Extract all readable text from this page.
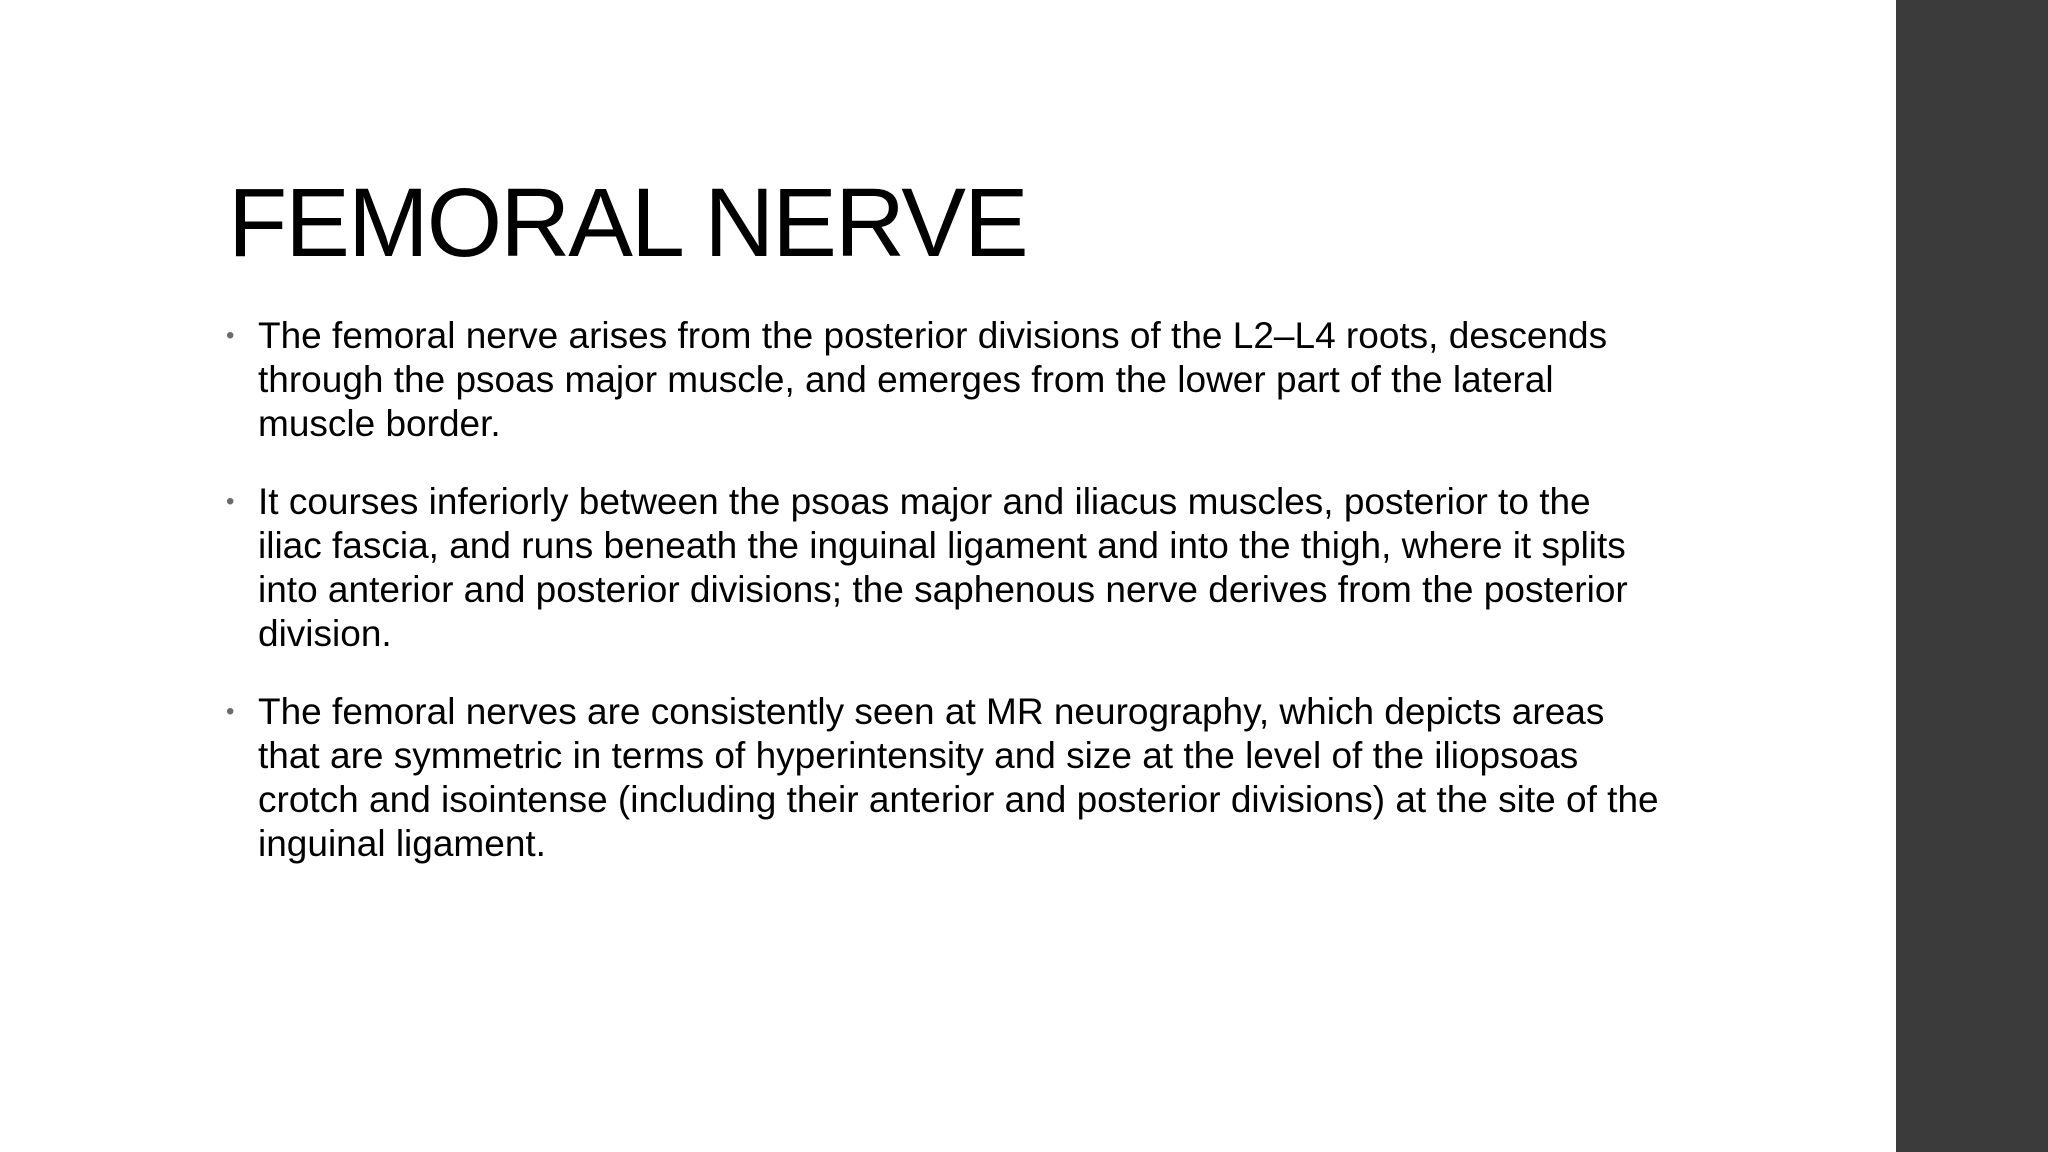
FEMORAL NERVE
• The femoral nerve arises from the posterior divisions of the L2–L4 roots, descends through the psoas major muscle, and emerges from the lower part of the lateral muscle border.
• It courses inferiorly between the psoas major and iliacus muscles, posterior to the iliac fascia, and runs beneath the inguinal ligament and into the thigh, where it splits into anterior and posterior divisions; the saphenous nerve derives from the posterior division.
• The femoral nerves are consistently seen at MR neurography, which depicts areas that are symmetric in terms of hyperintensity and size at the level of the iliopsoas crotch and isointense (including their anterior and posterior divisions) at the site of the inguinal ligament.
